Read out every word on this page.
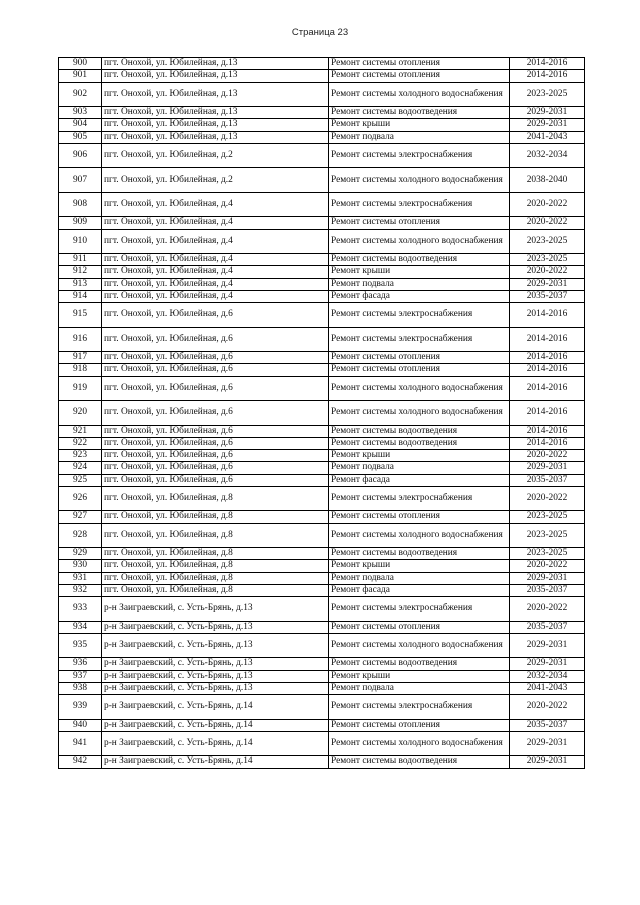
Страница 23
900	пгт. Онохой, ул. Юбилейная, д.13	Ремонт системы отопления	2014-2016
901	пгт. Онохой, ул. Юбилейная, д.13	Ремонт системы отопления	2014-2016
902	пгт. Онохой, ул. Юбилейная, д.13	Ремонт системы холодного водоснабжения	2023-2025
903	пгт. Онохой, ул. Юбилейная, д.13	Ремонт системы водоотведения	2029-2031
904	пгт. Онохой, ул. Юбилейная, д.13	Ремонт крыши	2029-2031
905	пгт. Онохой, ул. Юбилейная, д.13	Ремонт подвала	2041-2043
906	пгт. Онохой, ул. Юбилейная, д.2	Ремонт системы электроснабжения	2032-2034
907	пгт. Онохой, ул. Юбилейная, д.2	Ремонт системы холодного водоснабжения	2038-2040
908	пгт. Онохой, ул. Юбилейная, д.4	Ремонт системы электроснабжения	2020-2022
909	пгт. Онохой, ул. Юбилейная, д.4	Ремонт системы отопления	2020-2022
910	пгт. Онохой, ул. Юбилейная, д.4	Ремонт системы холодного водоснабжения	2023-2025
911	пгт. Онохой, ул. Юбилейная, д.4	Ремонт системы водоотведения	2023-2025
912	пгт. Онохой, ул. Юбилейная, д.4	Ремонт крыши	2020-2022
913	пгт. Онохой, ул. Юбилейная, д.4	Ремонт подвала	2029-2031
914	пгт. Онохой, ул. Юбилейная, д.4	Ремонт фасада	2035-2037
915	пгт. Онохой, ул. Юбилейная, д.6	Ремонт системы электроснабжения	2014-2016
916	пгт. Онохой, ул. Юбилейная, д.6	Ремонт системы электроснабжения	2014-2016
917	пгт. Онохой, ул. Юбилейная, д.6	Ремонт системы отопления	2014-2016
918	пгт. Онохой, ул. Юбилейная, д.6	Ремонт системы отопления	2014-2016
919	пгт. Онохой, ул. Юбилейная, д.6	Ремонт системы холодного водоснабжения	2014-2016
920	пгт. Онохой, ул. Юбилейная, д.6	Ремонт системы холодного водоснабжения	2014-2016
921	пгт. Онохой, ул. Юбилейная, д.6	Ремонт системы водоотведения	2014-2016
922	пгт. Онохой, ул. Юбилейная, д.6	Ремонт системы водоотведения	2014-2016
923	пгт. Онохой, ул. Юбилейная, д.6	Ремонт крыши	2020-2022
924	пгт. Онохой, ул. Юбилейная, д.6	Ремонт подвала	2029-2031
925	пгт. Онохой, ул. Юбилейная, д.6	Ремонт фасада	2035-2037
926	пгт. Онохой, ул. Юбилейная, д.8	Ремонт системы электроснабжения	2020-2022
927	пгт. Онохой, ул. Юбилейная, д.8	Ремонт системы отопления	2023-2025
928	пгт. Онохой, ул. Юбилейная, д.8	Ремонт системы холодного водоснабжения	2023-2025
929	пгт. Онохой, ул. Юбилейная, д.8	Ремонт системы водоотведения	2023-2025
930	пгт. Онохой, ул. Юбилейная, д.8	Ремонт крыши	2020-2022
931	пгт. Онохой, ул. Юбилейная, д.8	Ремонт подвала	2029-2031
932	пгт. Онохой, ул. Юбилейная, д.8	Ремонт фасада	2035-2037
933	р-н Заиграевский, с. Усть-Брянь, д.13	Ремонт системы электроснабжения	2020-2022
934	р-н Заиграевский, с. Усть-Брянь, д.13	Ремонт системы отопления	2035-2037
935	р-н Заиграевский, с. Усть-Брянь, д.13	Ремонт системы холодного водоснабжения	2029-2031
936	р-н Заиграевский, с. Усть-Брянь, д.13	Ремонт системы водоотведения	2029-2031
937	р-н Заиграевский, с. Усть-Брянь, д.13	Ремонт крыши	2032-2034
938	р-н Заиграевский, с. Усть-Брянь, д.13	Ремонт подвала	2041-2043
939	р-н Заиграевский, с. Усть-Брянь, д.14	Ремонт системы электроснабжения	2020-2022
940	р-н Заиграевский, с. Усть-Брянь, д.14	Ремонт системы отопления	2035-2037
941	р-н Заиграевский, с. Усть-Брянь, д.14	Ремонт системы холодного водоснабжения	2029-2031
942	р-н Заиграевский, с. Усть-Брянь, д.14	Ремонт системы водоотведения	2029-2031
